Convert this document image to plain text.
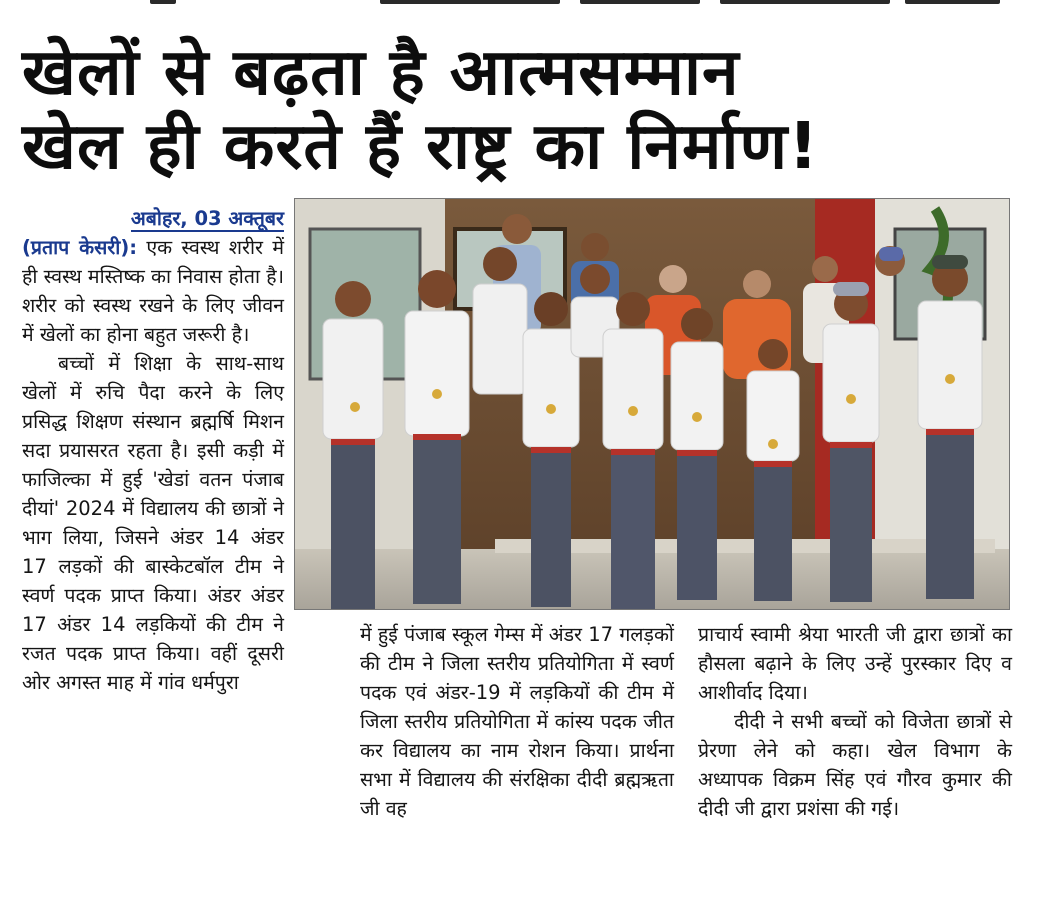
खेलों से बढ़ता है आत्मसम्मान
खेल ही करते हैं राष्ट्र का निर्माण!

अबोहर, 03 अक्तूबर
(प्रताप केसरी): एक स्वस्थ शरीर में ही स्वस्थ मस्तिष्क का निवास होता है। शरीर को स्वस्थ रखने के लिए जीवन में खेलों का होना बहुत जरूरी है।

बच्चों में शिक्षा के साथ-साथ खेलों में रुचि पैदा करने के लिए प्रसिद्ध शिक्षण संस्थान ब्रह्मर्षि मिशन सदा प्रयासरत रहता है। इसी कड़ी में फाजिल्का में हुई 'खेडां वतन पंजाब दीयां' 2024 में विद्यालय की छात्रों ने भाग लिया, जिसने अंडर 14 अंडर 17 लड़कों की बास्केटबॉल टीम ने स्वर्ण पदक प्राप्त किया। अंडर अंडर 17 अंडर 14 लड़कियों की टीम ने रजत पदक प्राप्त किया। वहीं दूसरी ओर अगस्त माह में गांव धर्मपुरा

में हुई पंजाब स्कूल गेम्स में अंडर 17 गलड़कों की टीम ने जिला स्तरीय प्रतियोगिता में स्वर्ण पदक एवं अंडर-19 में लड़कियों की टीम में जिला स्तरीय प्रतियोगिता में कांस्य पदक जीत कर विद्यालय का नाम रोशन किया। प्रार्थना सभा में विद्यालय की संरक्षिका दीदी ब्रह्मऋता जी वह

प्राचार्य स्वामी श्रेया भारती जी द्वारा छात्रों का हौसला बढ़ाने के लिए उन्हें पुरस्कार दिए व आशीर्वाद दिया।

दीदी ने सभी बच्चों को विजेता छात्रों से प्रेरणा लेने को कहा। खेल विभाग के अध्यापक विक्रम सिंह एवं गौरव कुमार की दीदी जी द्वारा प्रशंसा की गई।
